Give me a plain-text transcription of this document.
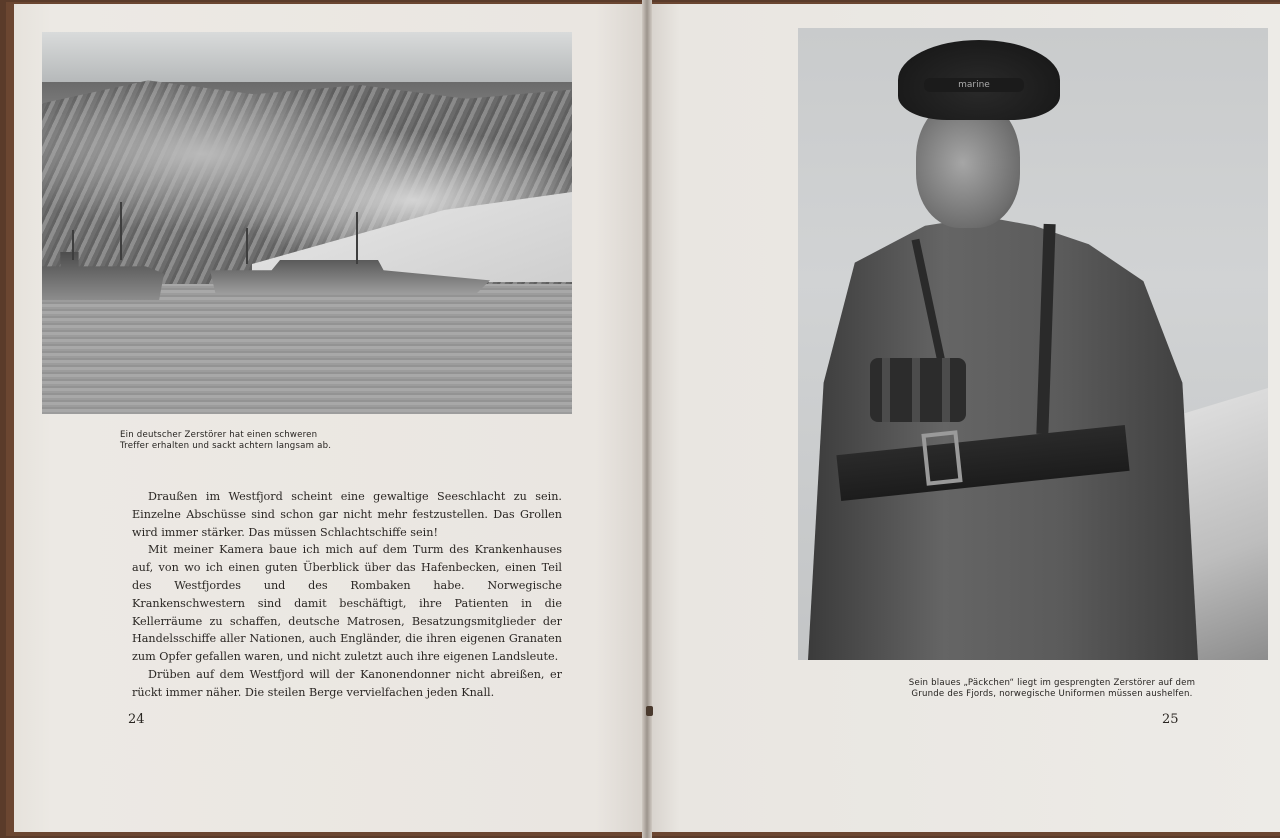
Ein deutscher Zerstörer hat einen schweren
Treffer erhalten und sackt achtern langsam ab.

Draußen im Westfjord scheint eine gewaltige Seeschlacht zu sein. Einzelne Abschüsse sind schon gar nicht mehr festzustellen. Das Grollen wird immer stärker. Das müssen Schlachtschiffe sein!

Mit meiner Kamera baue ich mich auf dem Turm des Krankenhauses auf, von wo ich einen guten Überblick über das Hafenbecken, einen Teil des Westfjordes und des Rombaken habe. Norwegische Krankenschwestern sind damit beschäftigt, ihre Patienten in die Kellerräume zu schaffen, deutsche Matrosen, Besatzungsmitglieder der Handelsschiffe aller Nationen, auch Engländer, die ihren eigenen Granaten zum Opfer gefallen waren, und nicht zuletzt auch ihre eigenen Landsleute.

Drüben auf dem Westfjord will der Kanonendonner nicht abreißen, er rückt immer näher. Die steilen Berge vervielfachen jeden Knall.

24
marine
Sein blaues „Päckchen“ liegt im gesprengten Zerstörer auf dem
Grunde des Fjords, norwegische Uniformen müssen aushelfen.
25
